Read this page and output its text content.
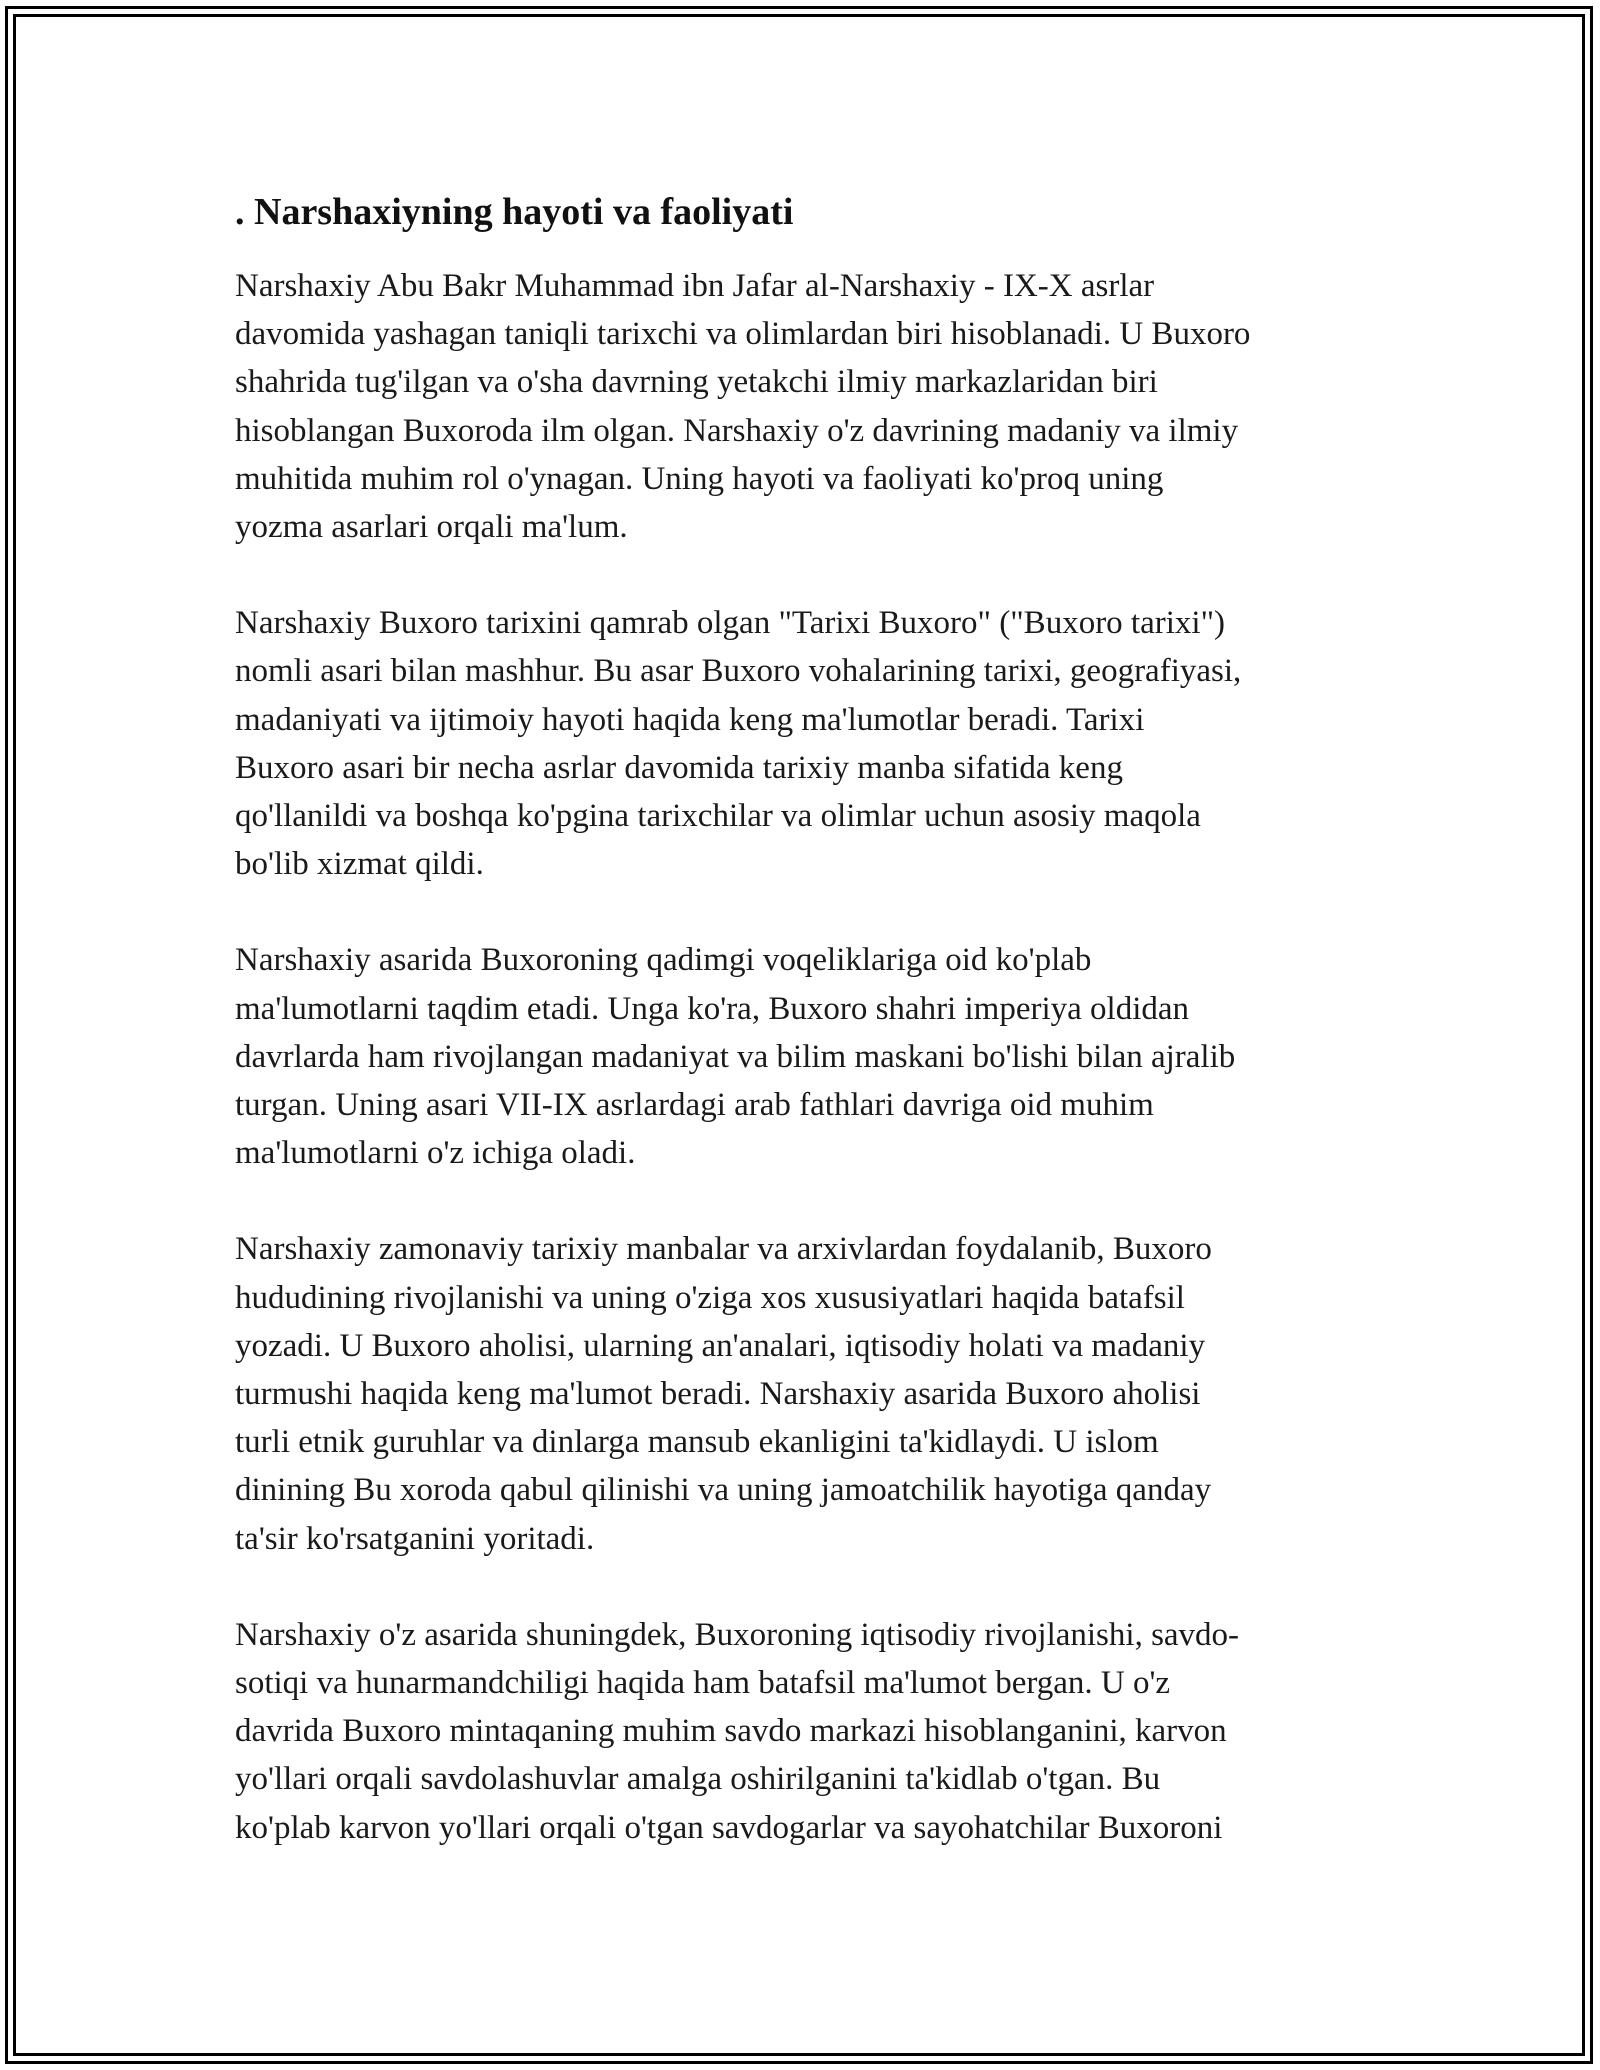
. Narshaxiyning hayoti va faoliyati

Narshaxiy Abu Bakr Muhammad ibn Jafar al-Narshaxiy - IX-X asrlar
davomida yashagan taniqli tarixchi va olimlardan biri hisoblanadi. U Buxoro
shahrida tug'ilgan va o'sha davrning yetakchi ilmiy markazlaridan biri
hisoblangan Buxoroda ilm olgan. Narshaxiy o'z davrining madaniy va ilmiy
muhitida muhim rol o'ynagan. Uning hayoti va faoliyati ko'proq uning
yozma asarlari orqali ma'lum.

Narshaxiy Buxoro tarixini qamrab olgan "Tarixi Buxoro" ("Buxoro tarixi")
nomli asari bilan mashhur. Bu asar Buxoro vohalarining tarixi, geografiyasi,
madaniyati va ijtimoiy hayoti haqida keng ma'lumotlar beradi. Tarixi
Buxoro asari bir necha asrlar davomida tarixiy manba sifatida keng
qo'llanildi va boshqa ko'pgina tarixchilar va olimlar uchun asosiy maqola
bo'lib xizmat qildi.

Narshaxiy asarida Buxoroning qadimgi voqeliklariga oid ko'plab
ma'lumotlarni taqdim etadi. Unga ko'ra, Buxoro shahri imperiya oldidan
davrlarda ham rivojlangan madaniyat va bilim maskani bo'lishi bilan ajralib
turgan. Uning asari VII-IX asrlardagi arab fathlari davriga oid muhim
ma'lumotlarni o'z ichiga oladi.

Narshaxiy zamonaviy tarixiy manbalar va arxivlardan foydalanib, Buxoro
hududining rivojlanishi va uning o'ziga xos xususiyatlari haqida batafsil
yozadi. U Buxoro aholisi, ularning an'analari, iqtisodiy holati va madaniy
turmushi haqida keng ma'lumot beradi. Narshaxiy asarida Buxoro aholisi
turli etnik guruhlar va dinlarga mansub ekanligini ta'kidlaydi. U islom
dinining Bu xoroda qabul qilinishi va uning jamoatchilik hayotiga qanday
ta'sir ko'rsatganini yoritadi.

Narshaxiy o'z asarida shuningdek, Buxoroning iqtisodiy rivojlanishi, savdo-
sotiqi va hunarmandchiligi haqida ham batafsil ma'lumot bergan. U o'z
davrida Buxoro mintaqaning muhim savdo markazi hisoblanganini, karvon
yo'llari orqali savdolashuvlar amalga oshirilganini ta'kidlab o'tgan. Bu
ko'plab karvon yo'llari orqali o'tgan savdogarlar va sayohatchilar Buxoroni
